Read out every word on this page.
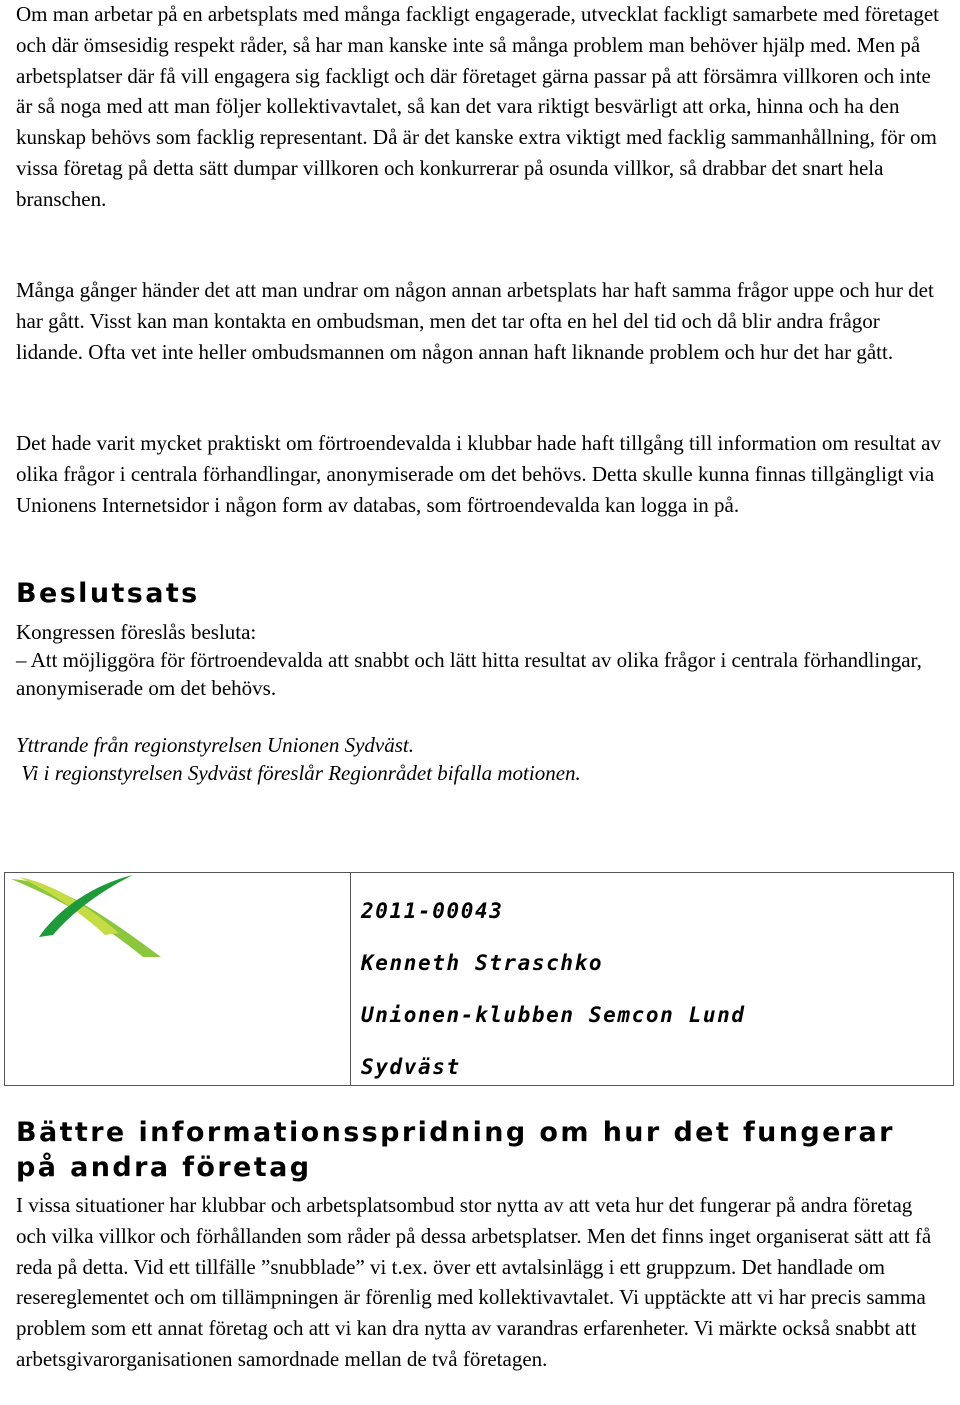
Om man arbetar på en arbetsplats med många fackligt engagerade, utvecklat fackligt samarbete med företaget och där ömsesidig respekt råder, så har man kanske inte så många problem man behöver hjälp med. Men på arbetsplatser där få vill engagera sig fackligt och där företaget gärna passar på att försämra villkoren och inte är så noga med att man följer kollektivavtalet, så kan det vara riktigt besvärligt att orka, hinna och ha den kunskap behövs som facklig representant. Då är det kanske extra viktigt med facklig sammanhållning, för om vissa företag på detta sätt dumpar villkoren och konkurrerar på osunda villkor, så drabbar det snart hela branschen.

Många gånger händer det att man undrar om någon annan arbetsplats har haft samma frågor uppe och hur det har gått. Visst kan man kontakta en ombudsman, men det tar ofta en hel del tid och då blir andra frågor lidande. Ofta vet inte heller ombudsmannen om någon annan haft liknande problem och hur det har gått.

Det hade varit mycket praktiskt om förtroendevalda i klubbar hade haft tillgång till information om resultat av olika frågor i centrala förhandlingar, anonymiserade om det behövs. Detta skulle kunna finnas tillgängligt via Unionens Internetsidor i någon form av databas, som förtroendevalda kan logga in på.

Beslutsats

Kongressen föreslås besluta:

– Att möjliggöra för förtroendevalda att snabbt och lätt hitta resultat av olika frågor i centrala förhandlingar, anonymiserade om det behövs.

Yttrande från regionstyrelsen Unionen Sydväst.

Vi i regionstyrelsen Sydväst föreslår Regionrådet bifalla motionen.

2011-00043

Kenneth Straschko

Unionen-klubben Semcon Lund

Sydväst

Bättre informationsspridning om hur det fungerar på andra företag

I vissa situationer har klubbar och arbetsplatsombud stor nytta av att veta hur det fungerar på andra företag och vilka villkor och förhållanden som råder på dessa arbetsplatser. Men det finns inget organiserat sätt att få reda på detta. Vid ett tillfälle ”snubblade” vi t.ex. över ett avtalsinlägg i ett gruppzum. Det handlade om resereglementet och om tillämpningen är förenlig med kollektivavtalet. Vi upptäckte att vi har precis samma problem som ett annat företag och att vi kan dra nytta av varandras erfarenheter. Vi märkte också snabbt att arbetsgivarorganisationen samordnade mellan de två företagen.
